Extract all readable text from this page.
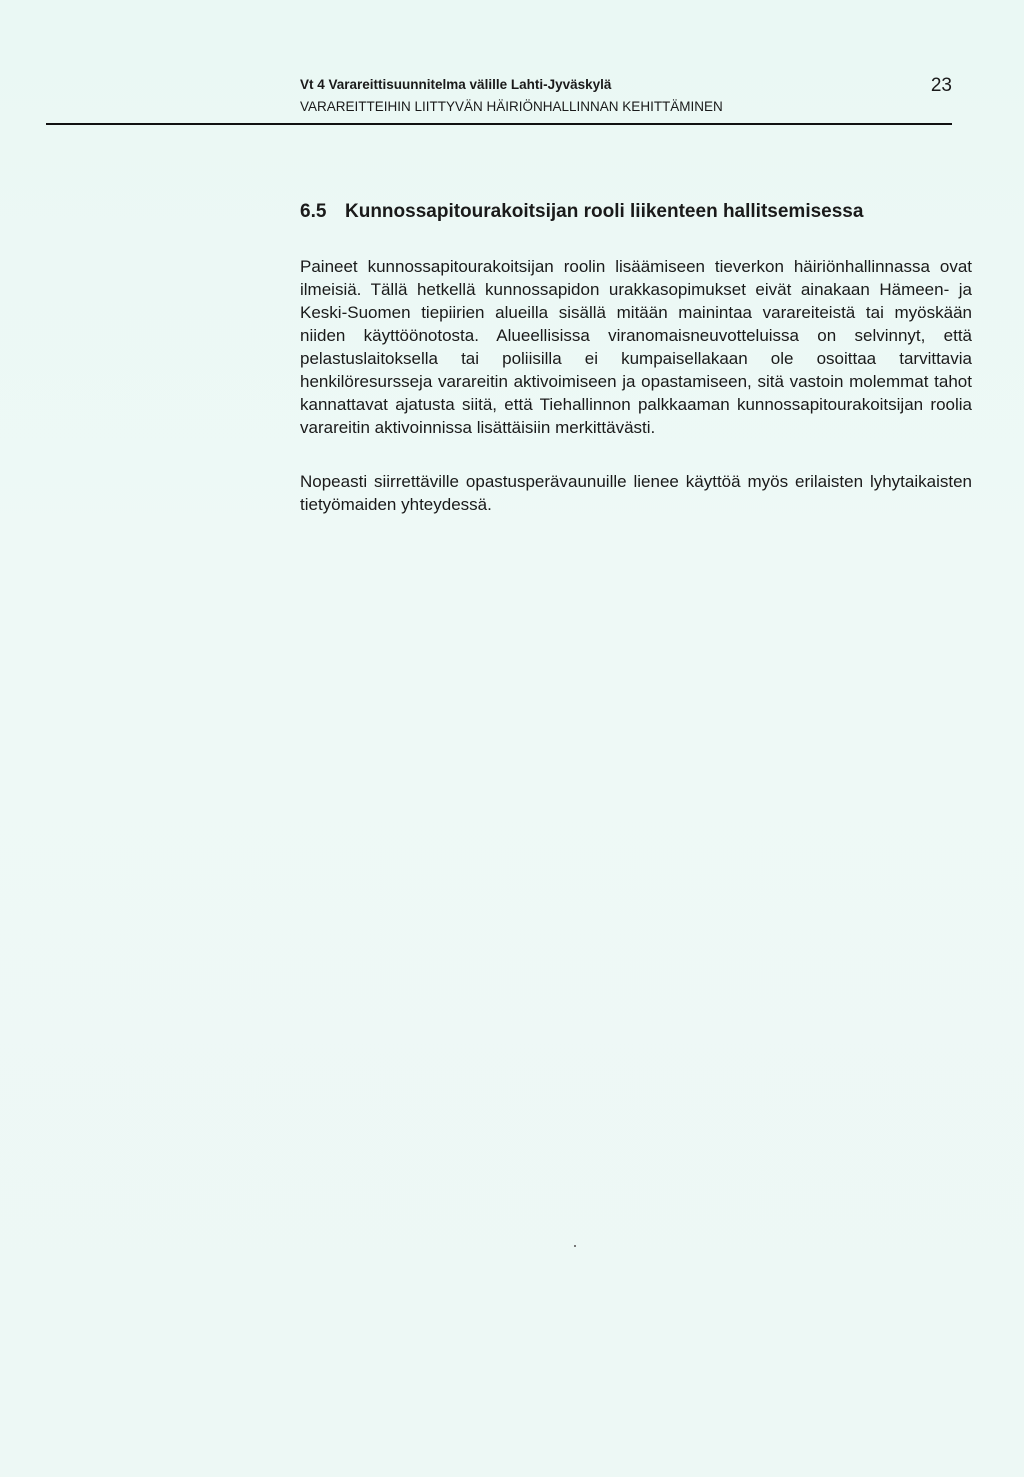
Vt 4 Varareittisuunnitelma välille Lahti-Jyväskylä
VARAREITTEIHIN LIITTYVÄN HÄIRIÖNHALLINNAN KEHITTÄMINEN
23
6.5 Kunnossapitourakoitsijan rooli liikenteen hallitsemisessa

Paineet kunnossapitourakoitsijan roolin lisäämiseen tieverkon häiriönhallinnassa ovat ilmeisiä. Tällä hetkellä kunnossapidon urakkasopimukset eivät ainakaan Hämeen- ja Keski-Suomen tiepiirien alueilla sisällä mitään mainintaa varareiteistä tai myöskään niiden käyttöönotosta. Alueellisissa viranomaisneuvotteluissa on selvinnyt, että pelastuslaitoksella tai poliisilla ei kumpaisellakaan ole osoittaa tarvittavia henkilöresursseja varareitin aktivoimiseen ja opastamiseen, sitä vastoin molemmat tahot kannattavat ajatusta siitä, että Tiehallinnon palkkaaman kunnossapitourakoitsijan roolia varareitin aktivoinnissa lisättäisiin merkittävästi.

Nopeasti siirrettäville opastusperävaunuille lienee käyttöä myös erilaisten lyhytaikaisten tietyömaiden yhteydessä.
